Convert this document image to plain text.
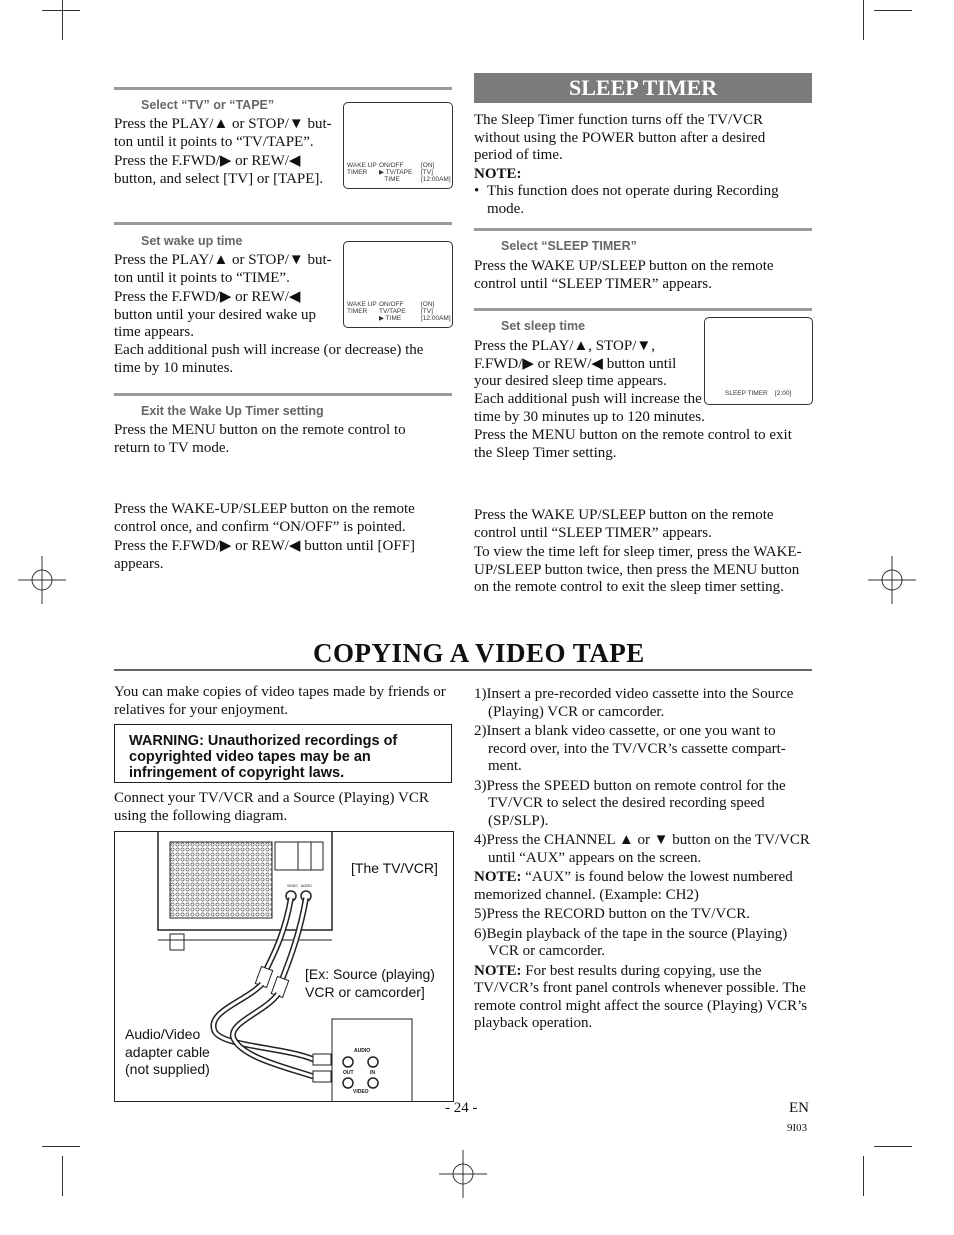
Select “TV” or “TAPE”

Press the PLAY/▲ or STOP/▼ but-ton until it points to “TV/TAPE”.

Press the F.FWD/▶ or REW/◀ button, and select [TV] or [TAPE].

WAKE UP
TIMER
ON/OFF
▶ TV/TAPE
TIME
[ON]
[TV]
[12:00AM]
Set wake up time

Press the PLAY/▲ or STOP/▼ but-ton until it points to “TIME”.

Press the F.FWD/▶ or REW/◀ button until your desired wake up time appears.

Each additional push will increase (or decrease) the time by 10 minutes.
WAKE UP
TIMER
ON/OFF
TV/TAPE
▶ TIME
[ON]
[TV]
[12:00AM]
Exit the Wake Up Timer setting
Press the MENU button on the remote control to return to TV mode.

Press the WAKE-UP/SLEEP button on the remote control once, and confirm “ON/OFF” is pointed.

Press the F.FWD/▶ or REW/◀ button until [OFF] appears.

SLEEP TIMER

The Sleep Timer function turns off the TV/VCR without using the POWER button after a desired period of time.

NOTE:

• This function does not operate during Recording mode.

Select “SLEEP TIMER”
Press the WAKE UP/SLEEP button on the remote control until “SLEEP TIMER” appears.
Set sleep time

Press the PLAY/▲, STOP/▼, F.FWD/▶ or REW/◀ button until your desired sleep time appears.

Each additional push will increase the time by 30 minutes up to 120 minutes.

Press the MENU button on the remote control to exit the Sleep Timer setting.

SLEEP TIMER [2:00]

Press the WAKE UP/SLEEP button on the remote control until “SLEEP TIMER” appears.

To view the time left for sleep timer, press the WAKE-UP/SLEEP button twice, then press the MENU button on the remote control to exit the sleep timer setting.

COPYING A VIDEO TAPE
You can make copies of video tapes made by friends or relatives for your enjoyment.
WARNING: Unauthorized recordings of copyrighted video tapes may be an infringement of copyright laws.
Connect your TV/VCR and a Source (Playing) VCR using the following diagram.
VIDEO   AUDIO
[The TV/VCR]
[Ex: Source (playing) VCR or camcorder]
Audio/Video adapter cable (not supplied)
AUDIO
OUT	IN
VIDEO

1)Insert a pre-recorded video cassette into the Source (Playing) VCR or camcorder.

2)Insert a blank video cassette, or one you want to record over, into the TV/VCR’s cassette compart-ment.

3)Press the SPEED button on remote control for the TV/VCR to select the desired recording speed (SP/SLP).

4)Press the CHANNEL ▲ or ▼ button on the TV/VCR until “AUX” appears on the screen.

NOTE: “AUX” is found below the lowest numbered memorized channel. (Example: CH2)

5)Press the RECORD button on the TV/VCR.

6)Begin playback of the tape in the source (Playing) VCR or camcorder.

NOTE: For best results during copying, use the TV/VCR’s front panel controls whenever possible. The remote control might affect the source (Playing) VCR’s playback operation.

- 24 -	EN
9I03
